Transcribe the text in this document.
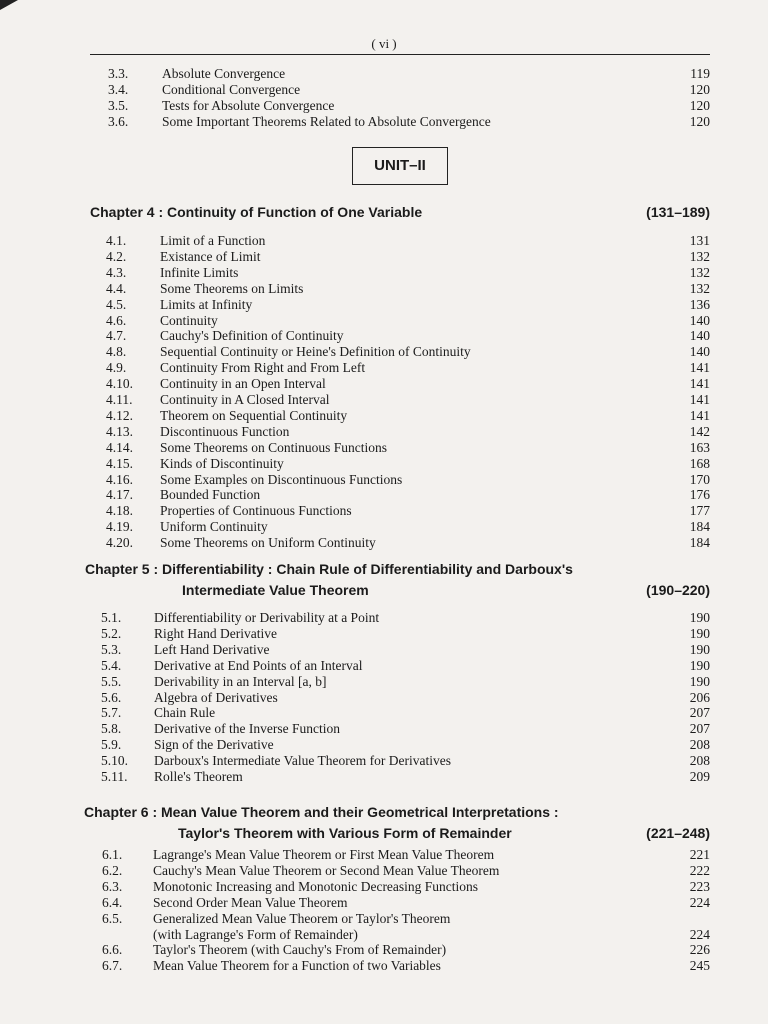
( vi )
3.3.	Absolute Convergence	119
3.4.	Conditional Convergence	120
3.5.	Tests for Absolute Convergence	120
3.6.	Some Important Theorems Related to Absolute Convergence	120
UNIT–II
Chapter 4 : Continuity of Function of One Variable	(131–189)
4.1.	Limit of a Function	131
4.2.	Existance of Limit	132
4.3.	Infinite Limits	132
4.4.	Some Theorems on Limits	132
4.5.	Limits at Infinity	136
4.6.	Continuity	140
4.7.	Cauchy's Definition of Continuity	140
4.8.	Sequential Continuity or Heine's Definition of Continuity	140
4.9.	Continuity From Right and From Left	141
4.10.	Continuity in an Open Interval	141
4.11.	Continuity in A Closed Interval	141
4.12.	Theorem on Sequential Continuity	141
4.13.	Discontinuous Function	142
4.14.	Some Theorems on Continuous Functions	163
4.15.	Kinds of Discontinuity	168
4.16.	Some Examples on Discontinuous Functions	170
4.17.	Bounded Function	176
4.18.	Properties of Continuous Functions	177
4.19.	Uniform Continuity	184
4.20.	Some Theorems on Uniform Continuity	184
Chapter 5 : Differentiability : Chain Rule of Differentiability and Darboux's
Intermediate Value Theorem	(190–220)
5.1.	Differentiability or Derivability at a Point	190
5.2.	Right Hand Derivative	190
5.3.	Left Hand Derivative	190
5.4.	Derivative at End Points of an Interval	190
5.5.	Derivability in an Interval [a, b]	190
5.6.	Algebra of Derivatives	206
5.7.	Chain Rule	207
5.8.	Derivative of the Inverse Function	207
5.9.	Sign of the Derivative	208
5.10.	Darboux's Intermediate Value Theorem for Derivatives	208
5.11.	Rolle's Theorem	209
Chapter 6 : Mean Value Theorem and their Geometrical Interpretations :
Taylor's Theorem with Various Form of Remainder	(221–248)
6.1.	Lagrange's Mean Value Theorem or First Mean Value Theorem	221
6.2.	Cauchy's Mean Value Theorem or Second Mean Value Theorem	222
6.3.	Monotonic Increasing and Monotonic Decreasing Functions	223
6.4.	Second Order Mean Value Theorem	224
6.5.	Generalized Mean Value Theorem or Taylor's Theorem
(with Lagrange's Form of Remainder)	224
6.6.	Taylor's Theorem (with Cauchy's From of Remainder)	226
6.7.	Mean Value Theorem for a Function of two Variables	245
